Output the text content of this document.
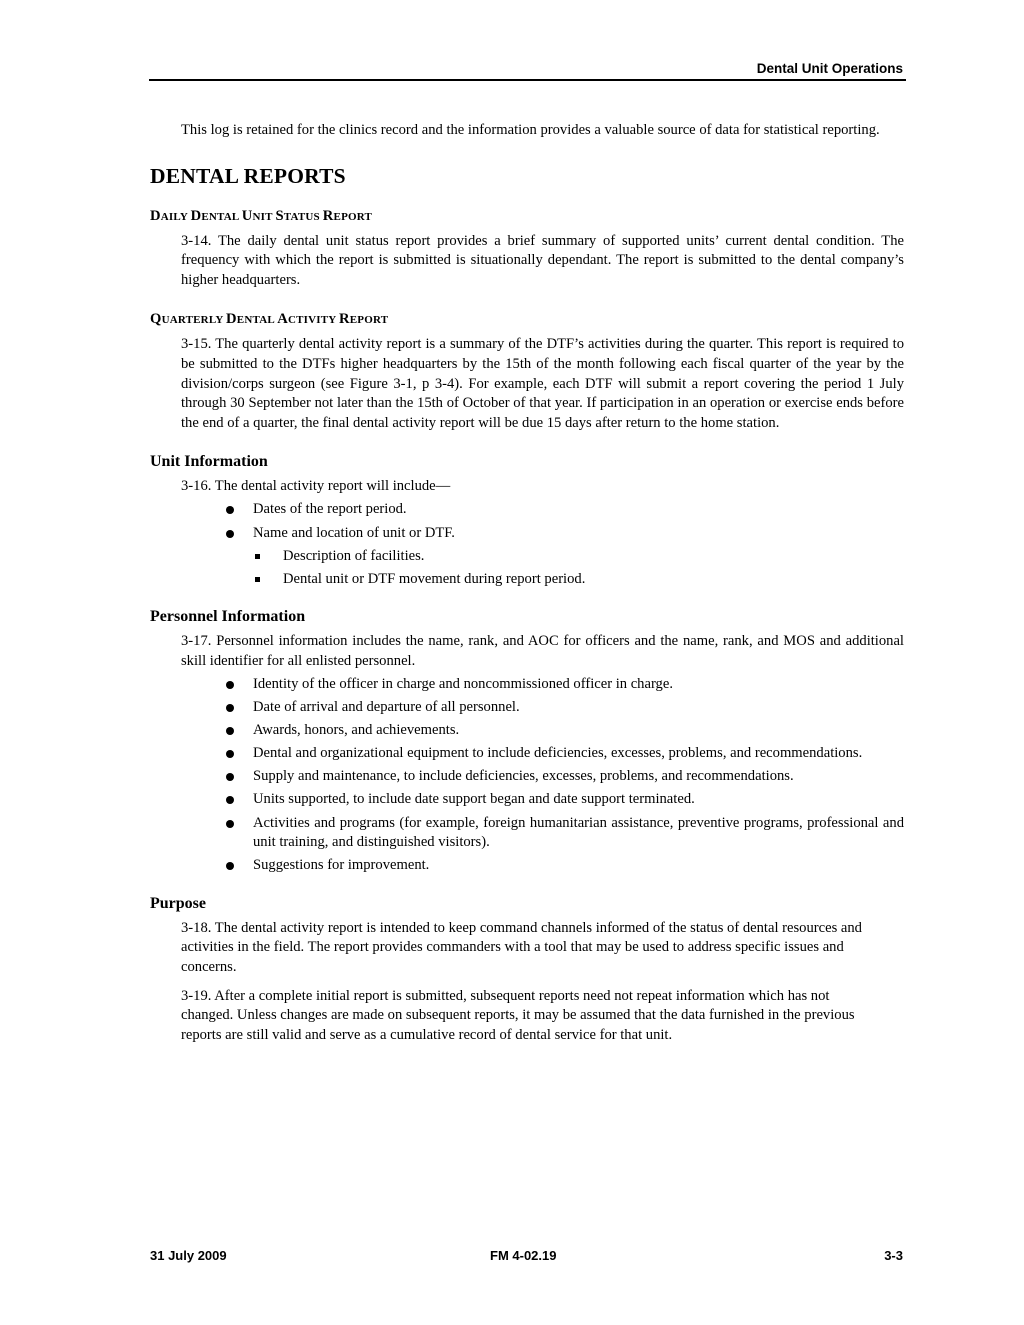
Dental Unit Operations

This log is retained for the clinics record and the information provides a valuable source of data for statistical reporting.

DENTAL REPORTS
DAILY DENTAL UNIT STATUS REPORT

3-14. The daily dental unit status report provides a brief summary of supported units’ current dental condition. The frequency with which the report is submitted is situationally dependant. The report is submitted to the dental company’s higher headquarters.

QUARTERLY DENTAL ACTIVITY REPORT

3-15. The quarterly dental activity report is a summary of the DTF’s activities during the quarter. This report is required to be submitted to the DTFs higher headquarters by the 15th of the month following each fiscal quarter of the year by the division/corps surgeon (see Figure 3-1, p 3-4). For example, each DTF will submit a report covering the period 1 July through 30 September not later than the 15th of October of that year. If participation in an operation or exercise ends before the end of a quarter, the final dental activity report will be due 15 days after return to the home station.

Unit Information

3-16. The dental activity report will include—

Dates of the report period.
Name and location of unit or DTF.
Description of facilities.
Dental unit or DTF movement during report period.
Personnel Information

3-17. Personnel information includes the name, rank, and AOC for officers and the name, rank, and MOS and additional skill identifier for all enlisted personnel.

Identity of the officer in charge and noncommissioned officer in charge.
Date of arrival and departure of all personnel.
Awards, honors, and achievements.
Dental and organizational equipment to include deficiencies, excesses, problems, and recommendations.
Supply and maintenance, to include deficiencies, excesses, problems, and recommendations.
Units supported, to include date support began and date support terminated.
Activities and programs (for example, foreign humanitarian assistance, preventive programs, professional and unit training, and distinguished visitors).
Suggestions for improvement.
Purpose

3-18. The dental activity report is intended to keep command channels informed of the status of dental resources and activities in the field. The report provides commanders with a tool that may be used to address specific issues and concerns.

3-19. After a complete initial report is submitted, subsequent reports need not repeat information which has not changed. Unless changes are made on subsequent reports, it may be assumed that the data furnished in the previous reports are still valid and serve as a cumulative record of dental service for that unit.

31 July 2009	FM 4-02.19	3-3
